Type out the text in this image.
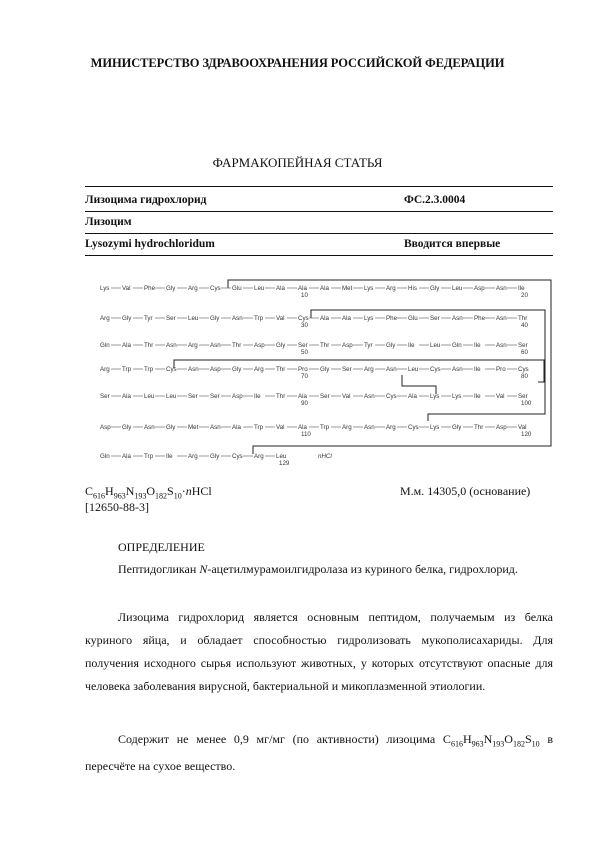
МИНИСТЕРСТВО ЗДРАВООХРАНЕНИЯ РОССИЙСКОЙ ФЕДЕРАЦИИ
ФАРМАКОПЕЙНАЯ СТАТЬЯ
Лизоцима гидрохлорид	ФС.2.3.0004
Лизоцим
Lysozymi hydrochloridum	Вводится впервые
Lys Val Phe Gly Arg Cys Glu Leu Ala Ala Ala Met Lys Arg His Gly Leu Asp Asn Ile
Arg Gly Tyr Ser Leu Gly Asn Trp Val Cys Ala Ala Lys Phe Glu Ser Asn Phe Asn Thr
Gln Ala Thr Asn Arg Asn Thr Asp Gly Ser Thr Asp Tyr Gly Ile Leu Gln Ile Asn Ser
Arg Trp Trp Cys Asn Asp Gly Arg Thr Pro Gly Ser Arg Asn Leu Cys Asn Ile Pro Cys
Ser Ala Leu Leu Ser Ser Asp Ile Thr Ala Ser Val Asn Cys Ala Lys Lys Ile Val Ser
Asp Gly Asn Gly Met Asn Ala Trp Val Ala Trp Arg Asn Arg Cys Lys Gly Thr Asp Val
Gln Ala Trp Ile Arg Gly Cys Arg Leu
10	20
30	40
50	60
70	80
90	100
110	120
129
nHCl
$C_{616}H_{963}N_{193}O_{182}S_{10}\cdot nHCl$	М.м. 14305,0 (основание)
[12650-88-3]
ОПРЕДЕЛЕНИЕ
Пептидогликан N-ацетилмурамоилгидролаза из куриного белка, гидрохлорид.
Лизоцима гидрохлорид является основным пептидом, получаемым из белка куриного яйца, и обладает способностью гидролизовать мукополисахариды. Для получения исходного сырья используют животных, у которых отсутствуют опасные для человека заболевания вирусной, бактериальной и микоплазменной этиологии.
Содержит не менее 0,9 мг/мг (по активности) лизоцима $C_{616}H_{963}N_{193}O_{182}S_{10}$ в пересчёте на сухое вещество.
